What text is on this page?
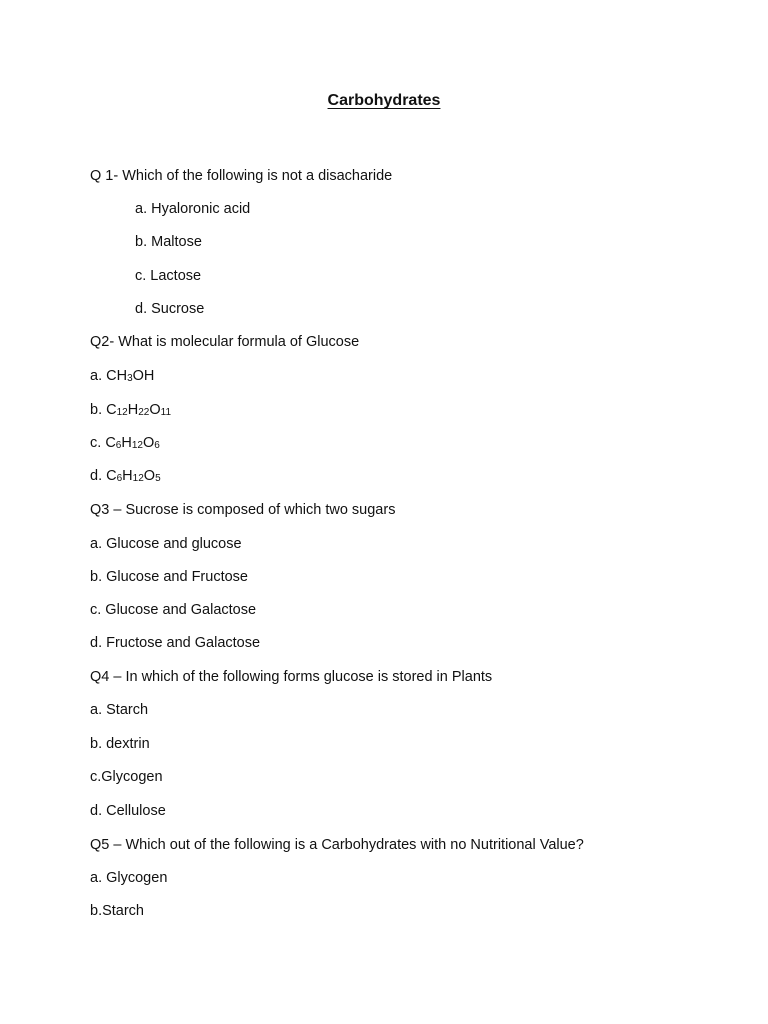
Carbohydrates
Q 1- Which of the following is not a disacharide
a. Hyaloronic acid
b. Maltose
c. Lactose
d. Sucrose
Q2- What is molecular formula of Glucose
a. $CH_3OH$
b. $C_{12}H_{22}O_{11}$
c. $C_6H_{12}O_6$
d. $C_6H_{12}O_5$
Q3 – Sucrose is composed of which two sugars
a. Glucose and glucose
b. Glucose and Fructose
c. Glucose and Galactose
d. Fructose and Galactose
Q4 – In which of the following forms glucose is stored in Plants
a. Starch
b. dextrin
c.Glycogen
d. Cellulose
Q5 – Which out of the following is a Carbohydrates with no Nutritional Value?
a. Glycogen
b.Starch
